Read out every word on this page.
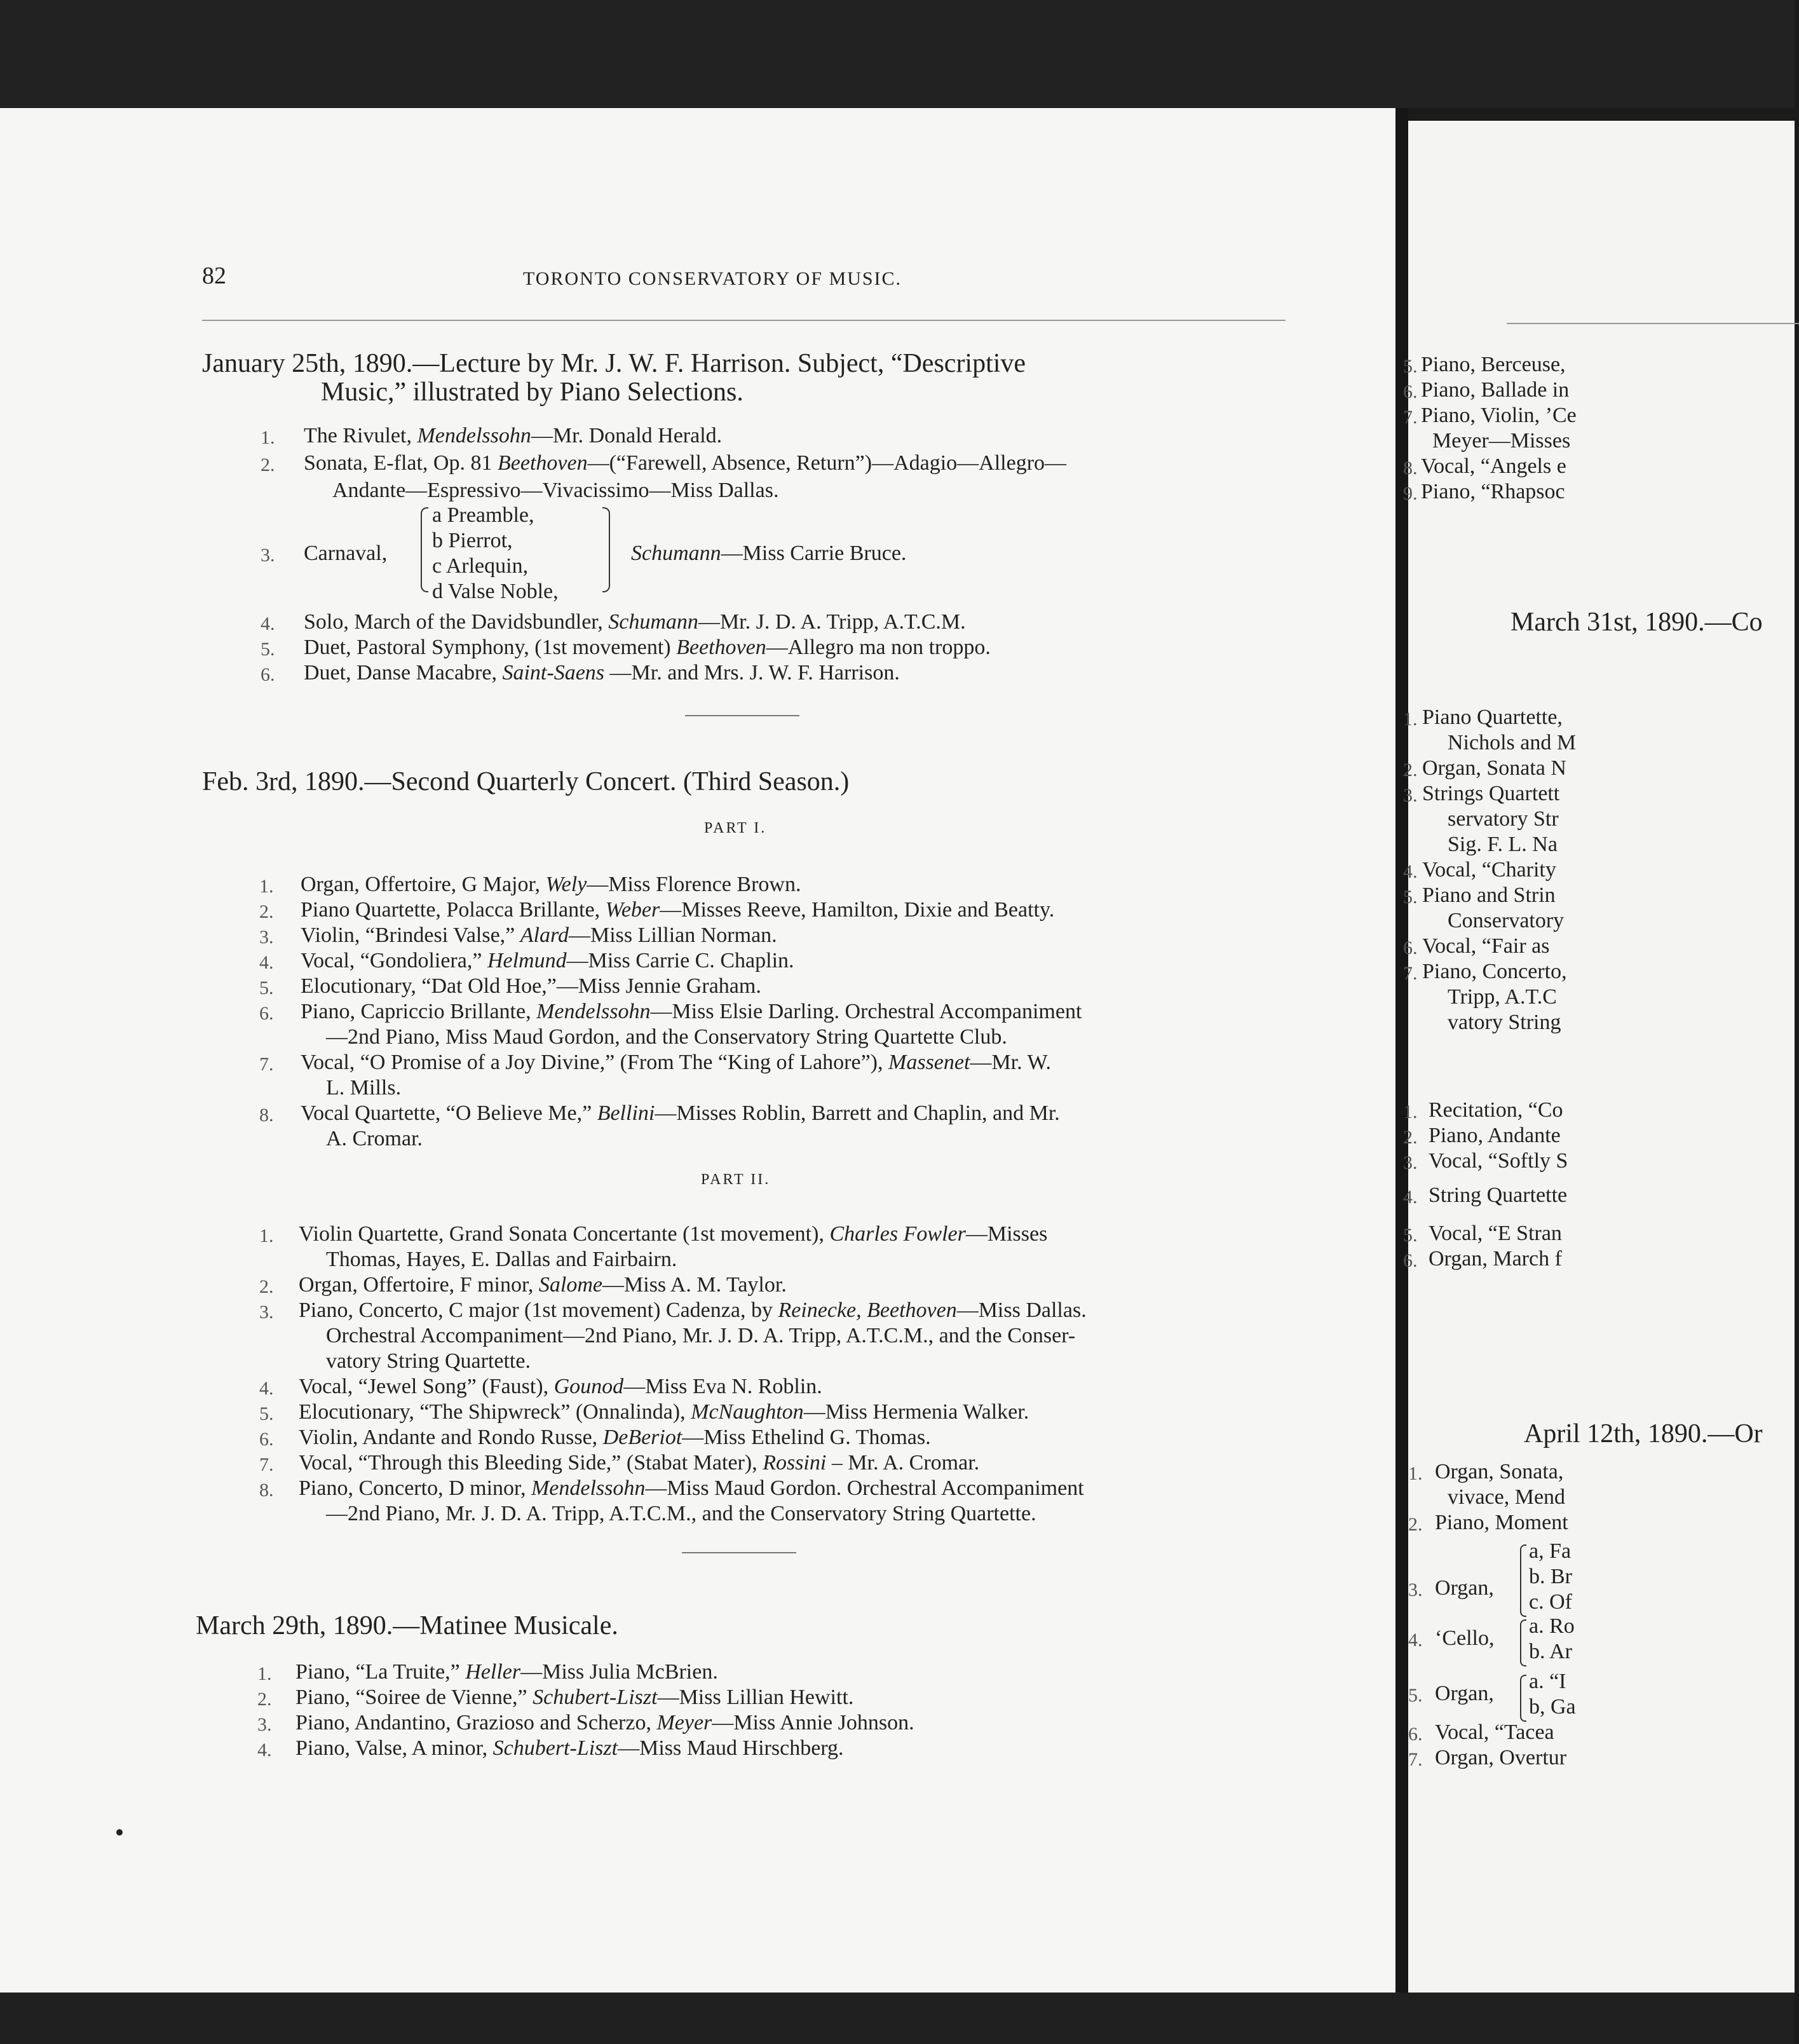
82	TORONTO CONSERVATORY OF MUSIC.
January 25th, 1890.—Lecture by Mr. J. W. F. Harrison. Subject, “Descriptive
Music,” illustrated by Piano Selections.
1. The Rivulet, Mendelssohn—Mr. Donald Herald.
2. Sonata, E-flat, Op. 81 Beethoven—(“Farewell, Absence, Return”)—Adagio—Allegro—
Andante—Espressivo—Vivacissimo—Miss Dallas.
3. Carnaval,
a Preamble,
b Pierrot,
c Arlequin,
d Valse Noble,
Schumann—Miss Carrie Bruce.
4. Solo, March of the Davidsbundler, Schumann—Mr. J. D. A. Tripp, A.T.C.M.
5. Duet, Pastoral Symphony, (1st movement) Beethoven—Allegro ma non troppo.
6. Duet, Danse Macabre, Saint-Saens —Mr. and Mrs. J. W. F. Harrison.
Feb. 3rd, 1890.—Second Quarterly Concert. (Third Season.)
PART I.
1. Organ, Offertoire, G Major, Wely—Miss Florence Brown.
2. Piano Quartette, Polacca Brillante, Weber—Misses Reeve, Hamilton, Dixie and Beatty.
3. Violin, “Brindesi Valse,” Alard—Miss Lillian Norman.
4. Vocal, “Gondoliera,” Helmund—Miss Carrie C. Chaplin.
5. Elocutionary, “Dat Old Hoe,”—Miss Jennie Graham.
6. Piano, Capriccio Brillante, Mendelssohn—Miss Elsie Darling. Orchestral Accompaniment
—2nd Piano, Miss Maud Gordon, and the Conservatory String Quartette Club.
7. Vocal, “O Promise of a Joy Divine,” (From The “King of Lahore”), Massenet—Mr. W.
L. Mills.
8. Vocal Quartette, “O Believe Me,” Bellini—Misses Roblin, Barrett and Chaplin, and Mr.
A. Cromar.
PART II.
1. Violin Quartette, Grand Sonata Concertante (1st movement), Charles Fowler—Misses
Thomas, Hayes, E. Dallas and Fairbairn.
2. Organ, Offertoire, F minor, Salome—Miss A. M. Taylor.
3. Piano, Concerto, C major (1st movement) Cadenza, by Reinecke, Beethoven—Miss Dallas.
Orchestral Accompaniment—2nd Piano, Mr. J. D. A. Tripp, A.T.C.M., and the Conser-
vatory String Quartette.
4. Vocal, “Jewel Song” (Faust), Gounod—Miss Eva N. Roblin.
5. Elocutionary, “The Shipwreck” (Onnalinda), McNaughton—Miss Hermenia Walker.
6. Violin, Andante and Rondo Russe, DeBeriot—Miss Ethelind G. Thomas.
7. Vocal, “Through this Bleeding Side,” (Stabat Mater), Rossini – Mr. A. Cromar.
8. Piano, Concerto, D minor, Mendelssohn—Miss Maud Gordon. Orchestral Accompaniment
—2nd Piano, Mr. J. D. A. Tripp, A.T.C.M., and the Conservatory String Quartette.
March 29th, 1890.—Matinee Musicale.
1. Piano, “La Truite,” Heller—Miss Julia McBrien.
2. Piano, “Soiree de Vienne,” Schubert-Liszt—Miss Lillian Hewitt.
3. Piano, Andantino, Grazioso and Scherzo, Meyer—Miss Annie Johnson.
4. Piano, Valse, A minor, Schubert-Liszt—Miss Maud Hirschberg.
5. Piano, Berceuse,
6. Piano, Ballade in
7. Piano, Violin, ’Ce
Meyer—Misses
8. Vocal, “Angels e
9. Piano, “Rhapsoc
March 31st, 1890.—Co
1. Piano Quartette,
Nichols and M
2. Organ, Sonata N
3. Strings Quartett
servatory Str
Sig. F. L. Na
4. Vocal, “Charity
5. Piano and Strin
Conservatory
6. Vocal, “Fair as
7. Piano, Concerto,
Tripp, A.T.C
vatory String
1. Recitation, “Co
2. Piano, Andante
3. Vocal, “Softly S
4. String Quartette
5. Vocal, “E Stran
6. Organ, March f
April 12th, 1890.—Or
1. Organ, Sonata,
vivace, Mend
2. Piano, Moment
3. Organ,
4. ‘Cello,
5. Organ,
6. Vocal, “Tacea
7. Organ, Overtur
a, Fa
b. Br
c. Of
a. Ro
b. Ar
a. “I
b, Ga
